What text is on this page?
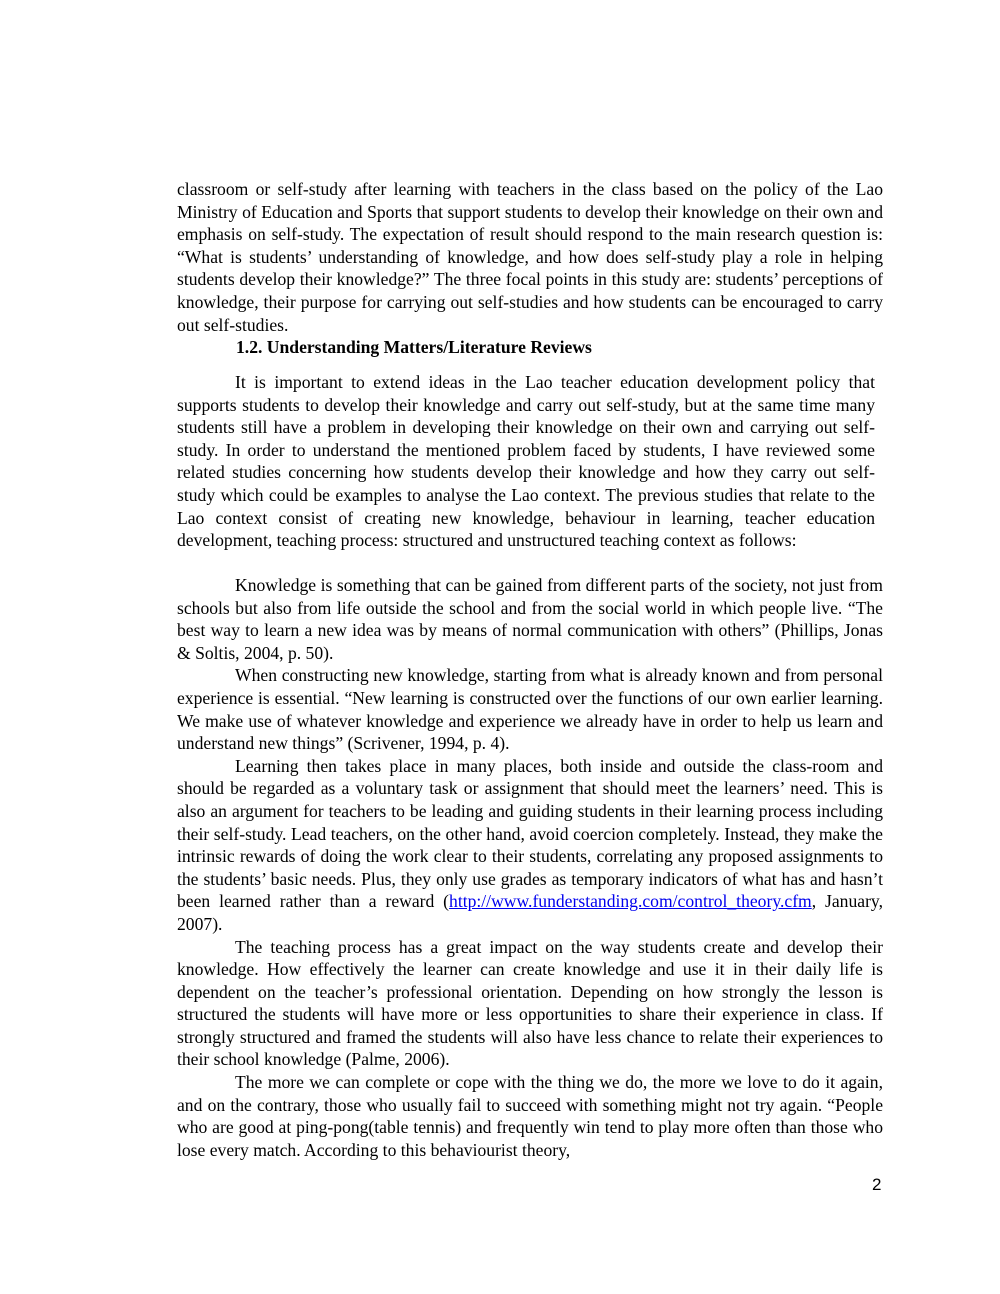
classroom or self-study after learning with teachers in the class based on the policy of the Lao Ministry of Education and Sports that support students to develop their knowledge on their own and emphasis on self-study. The expectation of result should respond to the main research question is: “What is students’ understanding of knowledge, and how does self-study play a role in helping students develop their knowledge?” The three focal points in this study are: students’ perceptions of knowledge, their purpose for carrying out self-studies and how students can be encouraged to carry out self-studies.

1.2. Understanding Matters/Literature Reviews

It is important to extend ideas in the Lao teacher education development policy that supports students to develop their knowledge and carry out self-study, but at the same time many students still have a problem in developing their knowledge on their own and carrying out self-study. In order to understand the mentioned problem faced by students, I have reviewed some related studies concerning how students develop their knowledge and how they carry out self-study which could be examples to analyse the Lao context. The previous studies that relate to the Lao context consist of creating new knowledge, behaviour in learning, teacher education development, teaching process: structured and unstructured teaching context as follows:

Knowledge is something that can be gained from different parts of the society, not just from schools but also from life outside the school and from the social world in which people live. “The best way to learn a new idea was by means of normal communication with others” (Phillips, Jonas & Soltis, 2004, p. 50).

When constructing new knowledge, starting from what is already known and from personal experience is essential. “New learning is constructed over the functions of our own earlier learning. We make use of whatever knowledge and experience we already have in order to help us learn and understand new things” (Scrivener, 1994, p. 4).

Learning then takes place in many places, both inside and outside the class-room and should be regarded as a voluntary task or assignment that should meet the learners’ need. This is also an argument for teachers to be leading and guiding students in their learning process including their self-study. Lead teachers, on the other hand, avoid coercion completely. Instead, they make the intrinsic rewards of doing the work clear to their students, correlating any proposed assignments to the students’ basic needs. Plus, they only use grades as temporary indicators of what has and hasn’t been learned rather than a reward (http://www.funderstanding.com/control_theory.cfm, January, 2007).

The teaching process has a great impact on the way students create and develop their knowledge. How effectively the learner can create knowledge and use it in their daily life is dependent on the teacher’s professional orientation. Depending on how strongly the lesson is structured the students will have more or less opportunities to share their experience in class. If strongly structured and framed the students will also have less chance to relate their experiences to their school knowledge (Palme, 2006).

The more we can complete or cope with the thing we do, the more we love to do it again, and on the contrary, those who usually fail to succeed with something might not try again. “People who are good at ping-pong(table tennis) and frequently win tend to play more often than those who lose every match. According to this behaviourist theory,

2
